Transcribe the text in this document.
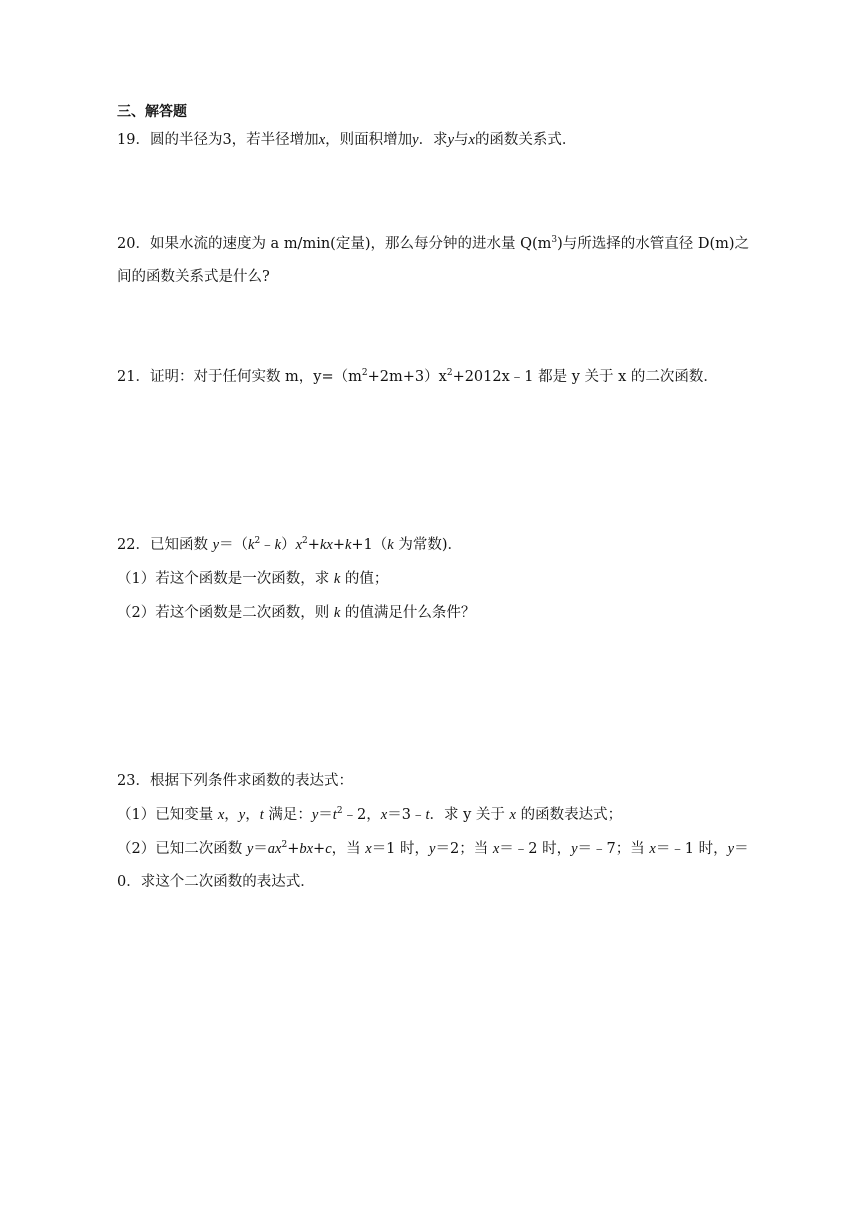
三、解答题
19．圆的半径为3，若半径增加x，则面积增加y．求y与x的函数关系式．
20．如果水流的速度为 a m/min(定量)，那么每分钟的进水量 $Q(m^3)$与所选择的水管直径 D(m)之
间的函数关系式是什么?
21．证明：对于任何实数 m，$y=(m^2+2m+3)x^2+2012x﹣1$ 都是 y 关于 x 的二次函数．
22．已知函数 $y=(k^2﹣k)x^2+kx+k+1(k$ 为常数)．
（1）若这个函数是一次函数，求 k 的值；
（2）若这个函数是二次函数，则 k 的值满足什么条件？
23．根据下列条件求函数的表达式：
（1）已知变量 x，y，t 满足：$y=t^2﹣2$，x＝3﹣t．求 y 关于 x 的函数表达式；
（2）已知二次函数 $y=ax^2+bx+c$，当 x＝1 时，y＝2；当 x＝﹣2 时，y＝﹣7；当 x＝﹣1 时，y＝
0．求这个二次函数的表达式．
